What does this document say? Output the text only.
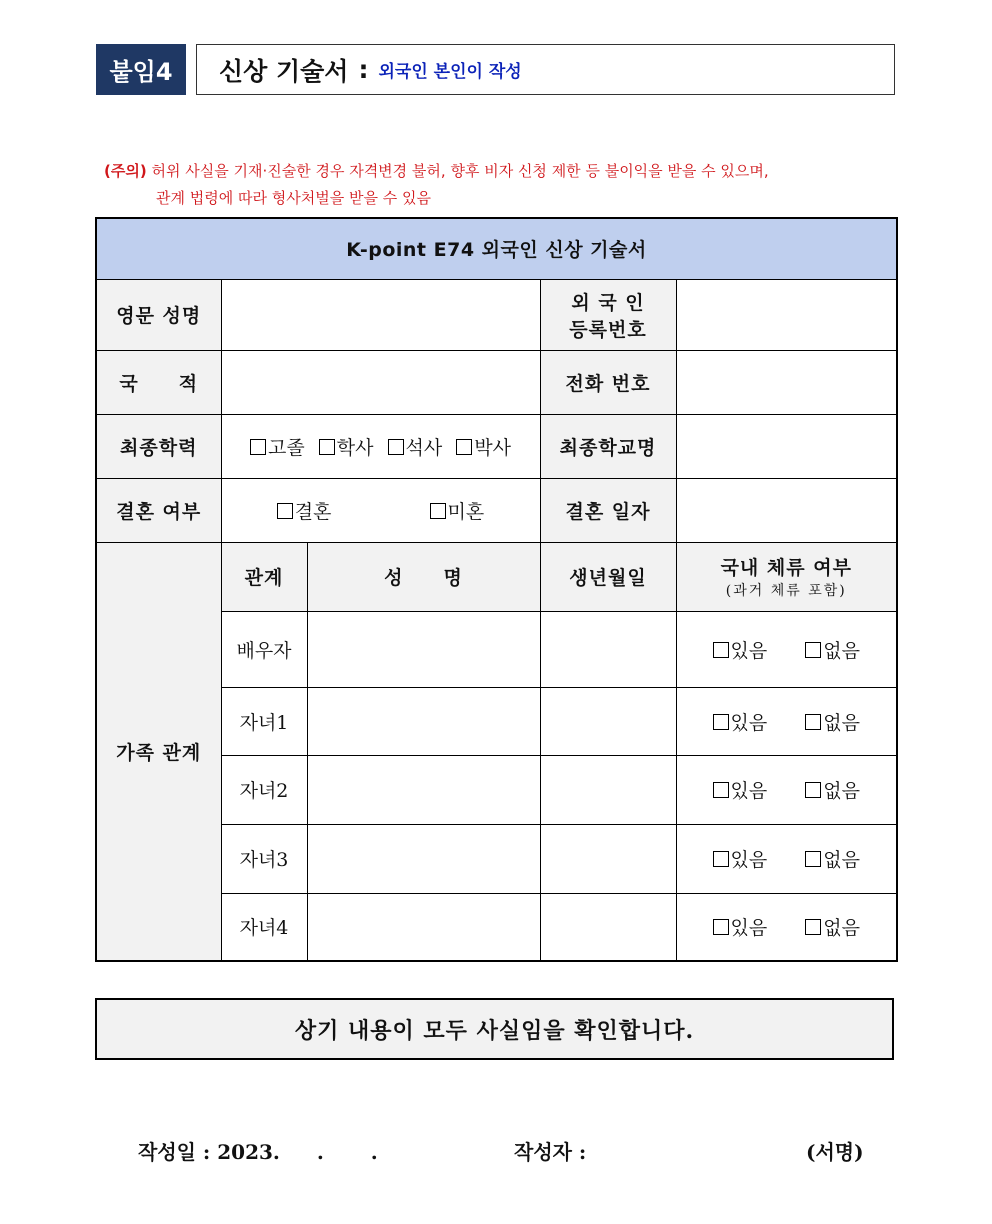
붙임4	신상 기술서 : 외국인 본인이 작성
(주의) 허위 사실을 기재·진술한 경우 자격변경 불허, 향후 비자 신청 제한 등 불이익을 받을 수 있으며,
관계 법령에 따라 형사처벌을 받을 수 있음
K-point E74 외국인 신상 기술서				
영문 성명			외 국 인
등록번호	

국　　적			전화 번호	
최종학력	고졸 학사 석사 박사		최종학교명	
결혼 여부	결혼 미혼		결혼 일자	
가족 관계	관계	성　　명	생년월일	국내 체류 여부
(과거 체류 포함)

	배우자			있음 없음
	자녀1			있음 없음
	자녀2			있음 없음
	자녀3			있음 없음
	자녀4			있음 없음
상기 내용이 모두 사실임을 확인합니다.
작성일 : 2023. .　　 .	작성자 :	(서명)
